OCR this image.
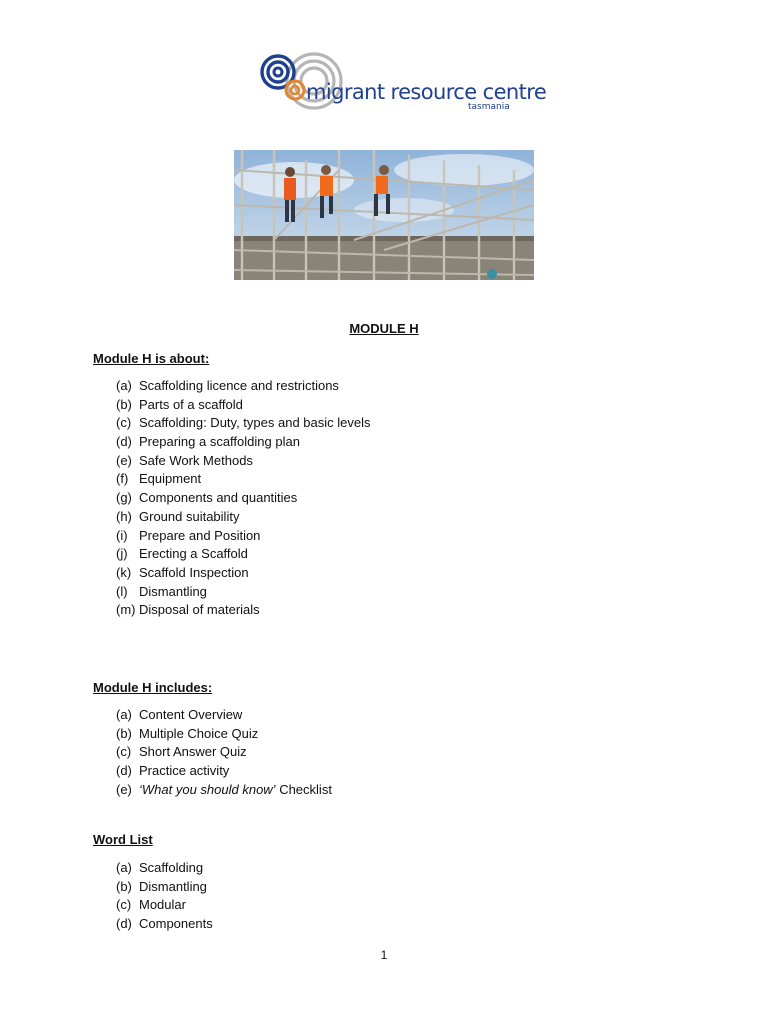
migrant resource centre
tasmania
MODULE H
Module H is about:
(a) Scaffolding licence and restrictions
(b) Parts of a scaffold
(c) Scaffolding: Duty, types and basic levels
(d) Preparing a scaffolding plan
(e) Safe Work Methods
(f) Equipment
(g) Components and quantities
(h) Ground suitability
(i) Prepare and Position
(j) Erecting a Scaffold
(k) Scaffold Inspection
(l) Dismantling
(m) Disposal of materials
Module H includes:
(a) Content Overview
(b) Multiple Choice Quiz
(c) Short Answer Quiz
(d) Practice activity
(e) ‘What you should know’ Checklist
Word List
(a) Scaffolding
(b) Dismantling
(c) Modular
(d) Components
1
